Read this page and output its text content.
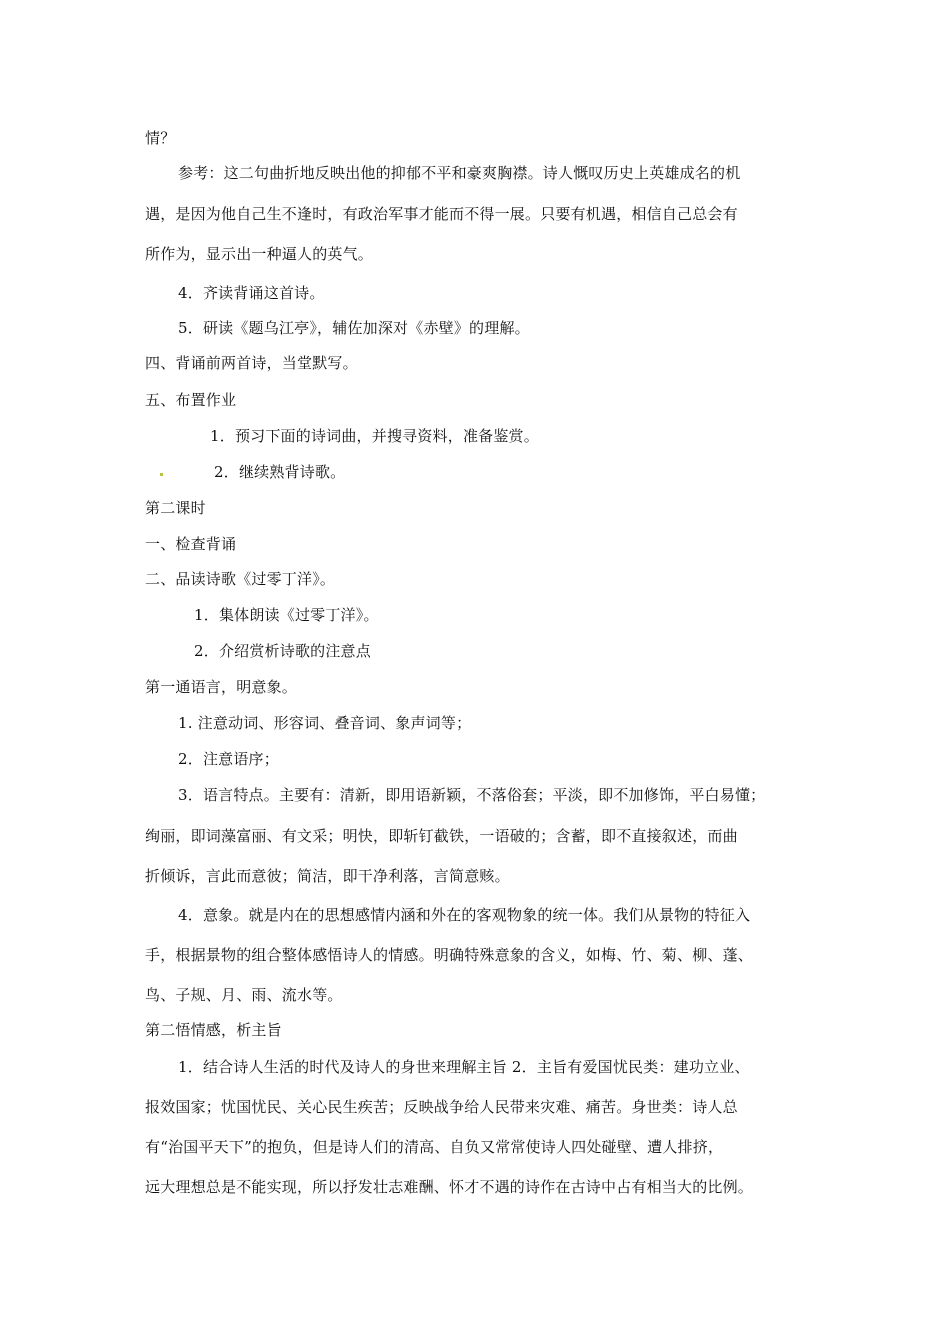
情？
参考：这二句曲折地反映出他的抑郁不平和豪爽胸襟。诗人慨叹历史上英雄成名的机
遇，是因为他自己生不逢时，有政治军事才能而不得一展。只要有机遇，相信自己总会有
所作为，显示出一种逼人的英气。
4．齐读背诵这首诗。
5．研读《题乌江亭》，辅佐加深对《赤壁》的理解。
四、背诵前两首诗，当堂默写。
五、布置作业
1．预习下面的诗词曲，并搜寻资料，准备鉴赏。
2．继续熟背诗歌。
第二课时
一、检查背诵
二、品读诗歌《过零丁洋》。
1．集体朗读《过零丁洋》。
2．介绍赏析诗歌的注意点
第一通语言，明意象。
1. 注意动词、形容词、叠音词、象声词等；
2．注意语序；
3．语言特点。主要有：清新，即用语新颖，不落俗套；平淡，即不加修饰，平白易懂；
绚丽，即词藻富丽、有文采；明快，即斩钉截铁，一语破的；含蓄，即不直接叙述，而曲
折倾诉，言此而意彼；简洁，即干净利落，言简意赅。
4．意象。就是内在的思想感情内涵和外在的客观物象的统一体。我们从景物的特征入
手，根据景物的组合整体感悟诗人的情感。明确特殊意象的含义，如梅、竹、菊、柳、蓬、
鸟、子规、月、雨、流水等。
第二悟情感，析主旨
1．结合诗人生活的时代及诗人的身世来理解主旨 2．主旨有爱国忧民类：建功立业、
报效国家；忧国忧民、关心民生疾苦；反映战争给人民带来灾难、痛苦。身世类：诗人总
有“治国平天下”的抱负，但是诗人们的清高、自负又常常使诗人四处碰壁、遭人排挤，
远大理想总是不能实现，所以抒发壮志难酬、怀才不遇的诗作在古诗中占有相当大的比例。
